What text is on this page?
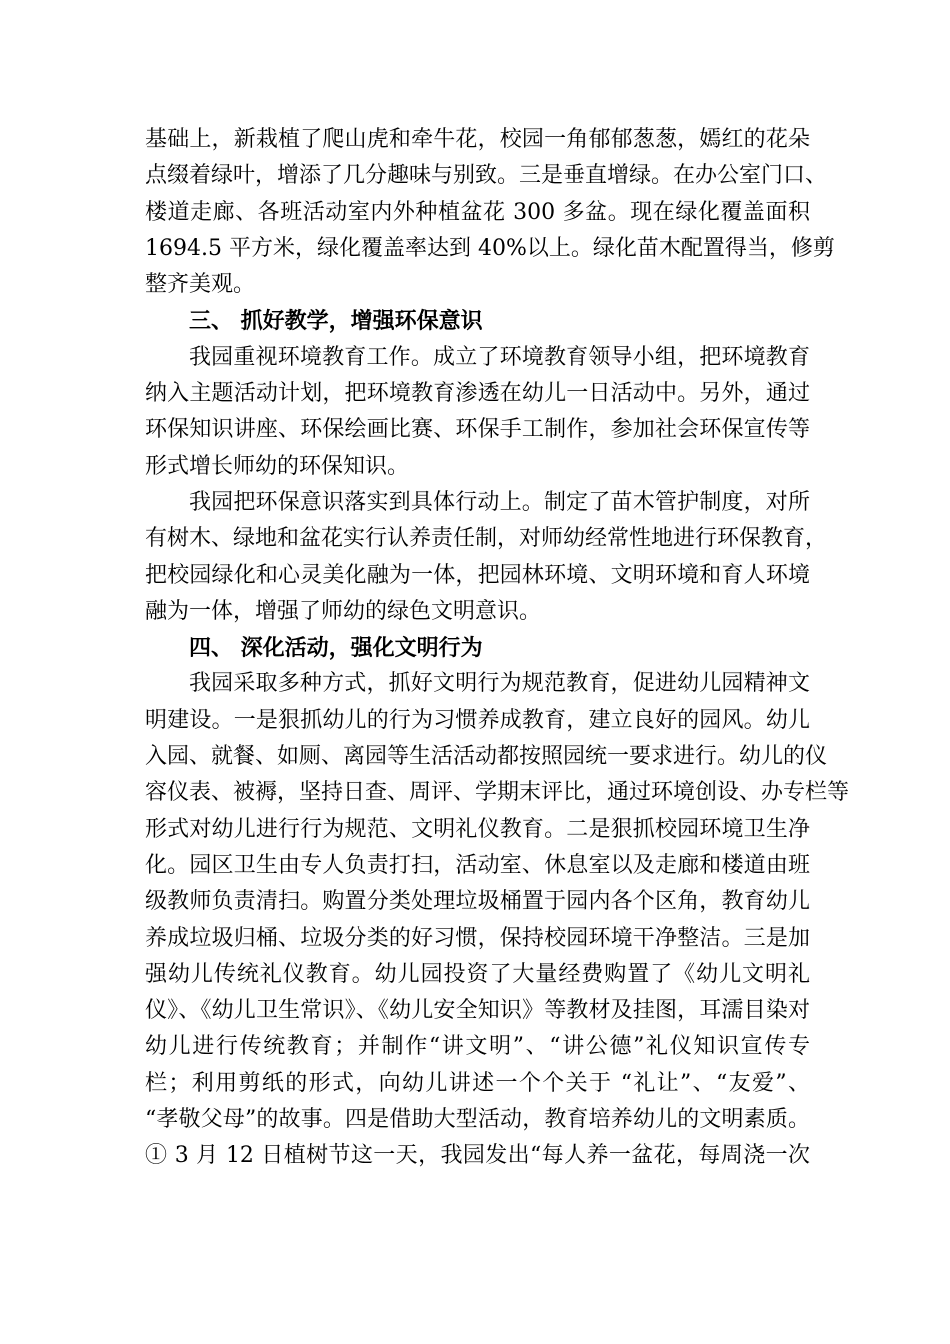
基础上，新栽植了爬山虎和牵牛花，校园一角郁郁葱葱，嫣红的花朵
点缀着绿叶，增添了几分趣味与别致。三是垂直增绿。在办公室门口、
楼道走廊、各班活动室内外种植盆花 300 多盆。现在绿化覆盖面积
1694.5 平方米，绿化覆盖率达到 40%以上。绿化苗木配置得当，修剪
整齐美观。
三、 抓好教学，增强环保意识
我园重视环境教育工作。成立了环境教育领导小组，把环境教育
纳入主题活动计划，把环境教育渗透在幼儿一日活动中。另外，通过
环保知识讲座、环保绘画比赛、环保手工制作，参加社会环保宣传等
形式增长师幼的环保知识。
我园把环保意识落实到具体行动上。制定了苗木管护制度，对所
有树木、绿地和盆花实行认养责任制，对师幼经常性地进行环保教育，
把校园绿化和心灵美化融为一体，把园林环境、文明环境和育人环境
融为一体，增强了师幼的绿色文明意识。
四、 深化活动，强化文明行为
我园采取多种方式，抓好文明行为规范教育，促进幼儿园精神文
明建设。一是狠抓幼儿的行为习惯养成教育，建立良好的园风。幼儿
入园、就餐、如厕、离园等生活活动都按照园统一要求进行。幼儿的仪
容仪表、被褥，坚持日查、周评、学期末评比，通过环境创设、办专栏等
形式对幼儿进行行为规范、文明礼仪教育。二是狠抓校园环境卫生净
化。园区卫生由专人负责打扫，活动室、休息室以及走廊和楼道由班
级教师负责清扫。购置分类处理垃圾桶置于园内各个区角，教育幼儿
养成垃圾归桶、垃圾分类的好习惯，保持校园环境干净整洁。三是加
强幼儿传统礼仪教育。幼儿园投资了大量经费购置了《幼儿文明礼
仪》、《幼儿卫生常识》、《幼儿安全知识》等教材及挂图，耳濡目染对
幼儿进行传统教育；并制作“讲文明”、“讲公德”礼仪知识宣传专
栏；利用剪纸的形式，向幼儿讲述一个个关于 “礼让”、“友爱”、
“孝敬父母”的故事。四是借助大型活动，教育培养幼儿的文明素质。
① 3 月 12 日植树节这一天，我园发出“每人养一盆花，每周浇一次
